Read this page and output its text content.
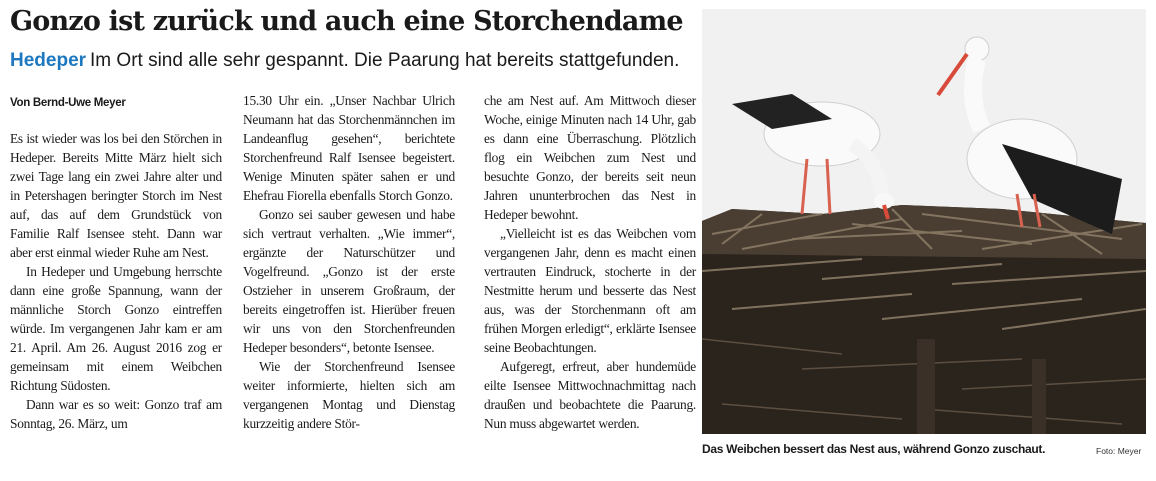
Gonzo ist zurück und auch eine Storchendame
Hedeper Im Ort sind alle sehr gespannt. Die Paarung hat bereits stattgefunden.
Von Bernd-Uwe Meyer

Es ist wieder was los bei den Störchen in Hedeper. Bereits Mitte März hielt sich zwei Tage lang ein zwei Jahre alter und in Petershagen beringter Storch im Nest auf, das auf dem Grundstück von Familie Ralf Isensee steht. Dann war aber erst einmal wieder Ruhe am Nest.

In Hedeper und Umgebung herrschte dann eine große Spannung, wann der männliche Storch Gonzo eintreffen würde. Im vergangenen Jahr kam er am 21. April. Am 26. August 2016 zog er gemeinsam mit einem Weibchen Richtung Südosten.

Dann war es so weit: Gonzo traf am Sonntag, 26. März, um

15.30 Uhr ein. „Unser Nachbar Ulrich Neumann hat das Storchenmännchen im Landeanflug gesehen“, berichtete Storchenfreund Ralf Isensee begeistert. Wenige Minuten später sahen er und Ehefrau Fiorella ebenfalls Storch Gonzo.

Gonzo sei sauber gewesen und habe sich vertraut verhalten. „Wie immer“, ergänzte der Naturschützer und Vogelfreund. „Gonzo ist der erste Ostzieher in unserem Großraum, der bereits eingetroffen ist. Hierüber freuen wir uns von den Storchenfreunden Hedeper besonders“, betonte Isensee.

Wie der Storchenfreund Isensee weiter informierte, hielten sich am vergangenen Montag und Dienstag kurzzeitig andere Stör-

che am Nest auf. Am Mittwoch dieser Woche, einige Minuten nach 14 Uhr, gab es dann eine Überraschung. Plötzlich flog ein Weibchen zum Nest und besuchte Gonzo, der bereits seit neun Jahren ununterbrochen das Nest in Hedeper bewohnt.

„Vielleicht ist es das Weibchen vom vergangenen Jahr, denn es macht einen vertrauten Eindruck, stocherte in der Nestmitte herum und besserte das Nest aus, was der Storchenmann oft am frühen Morgen erledigt“, erklärte Isensee seine Beobachtungen.

Aufgeregt, erfreut, aber hundemüde eilte Isensee Mittwochnachmittag nach draußen und beobachtete die Paarung. Nun muss abgewartet werden.

Das Weibchen bessert das Nest aus, während Gonzo zuschaut.	Foto: Meyer
